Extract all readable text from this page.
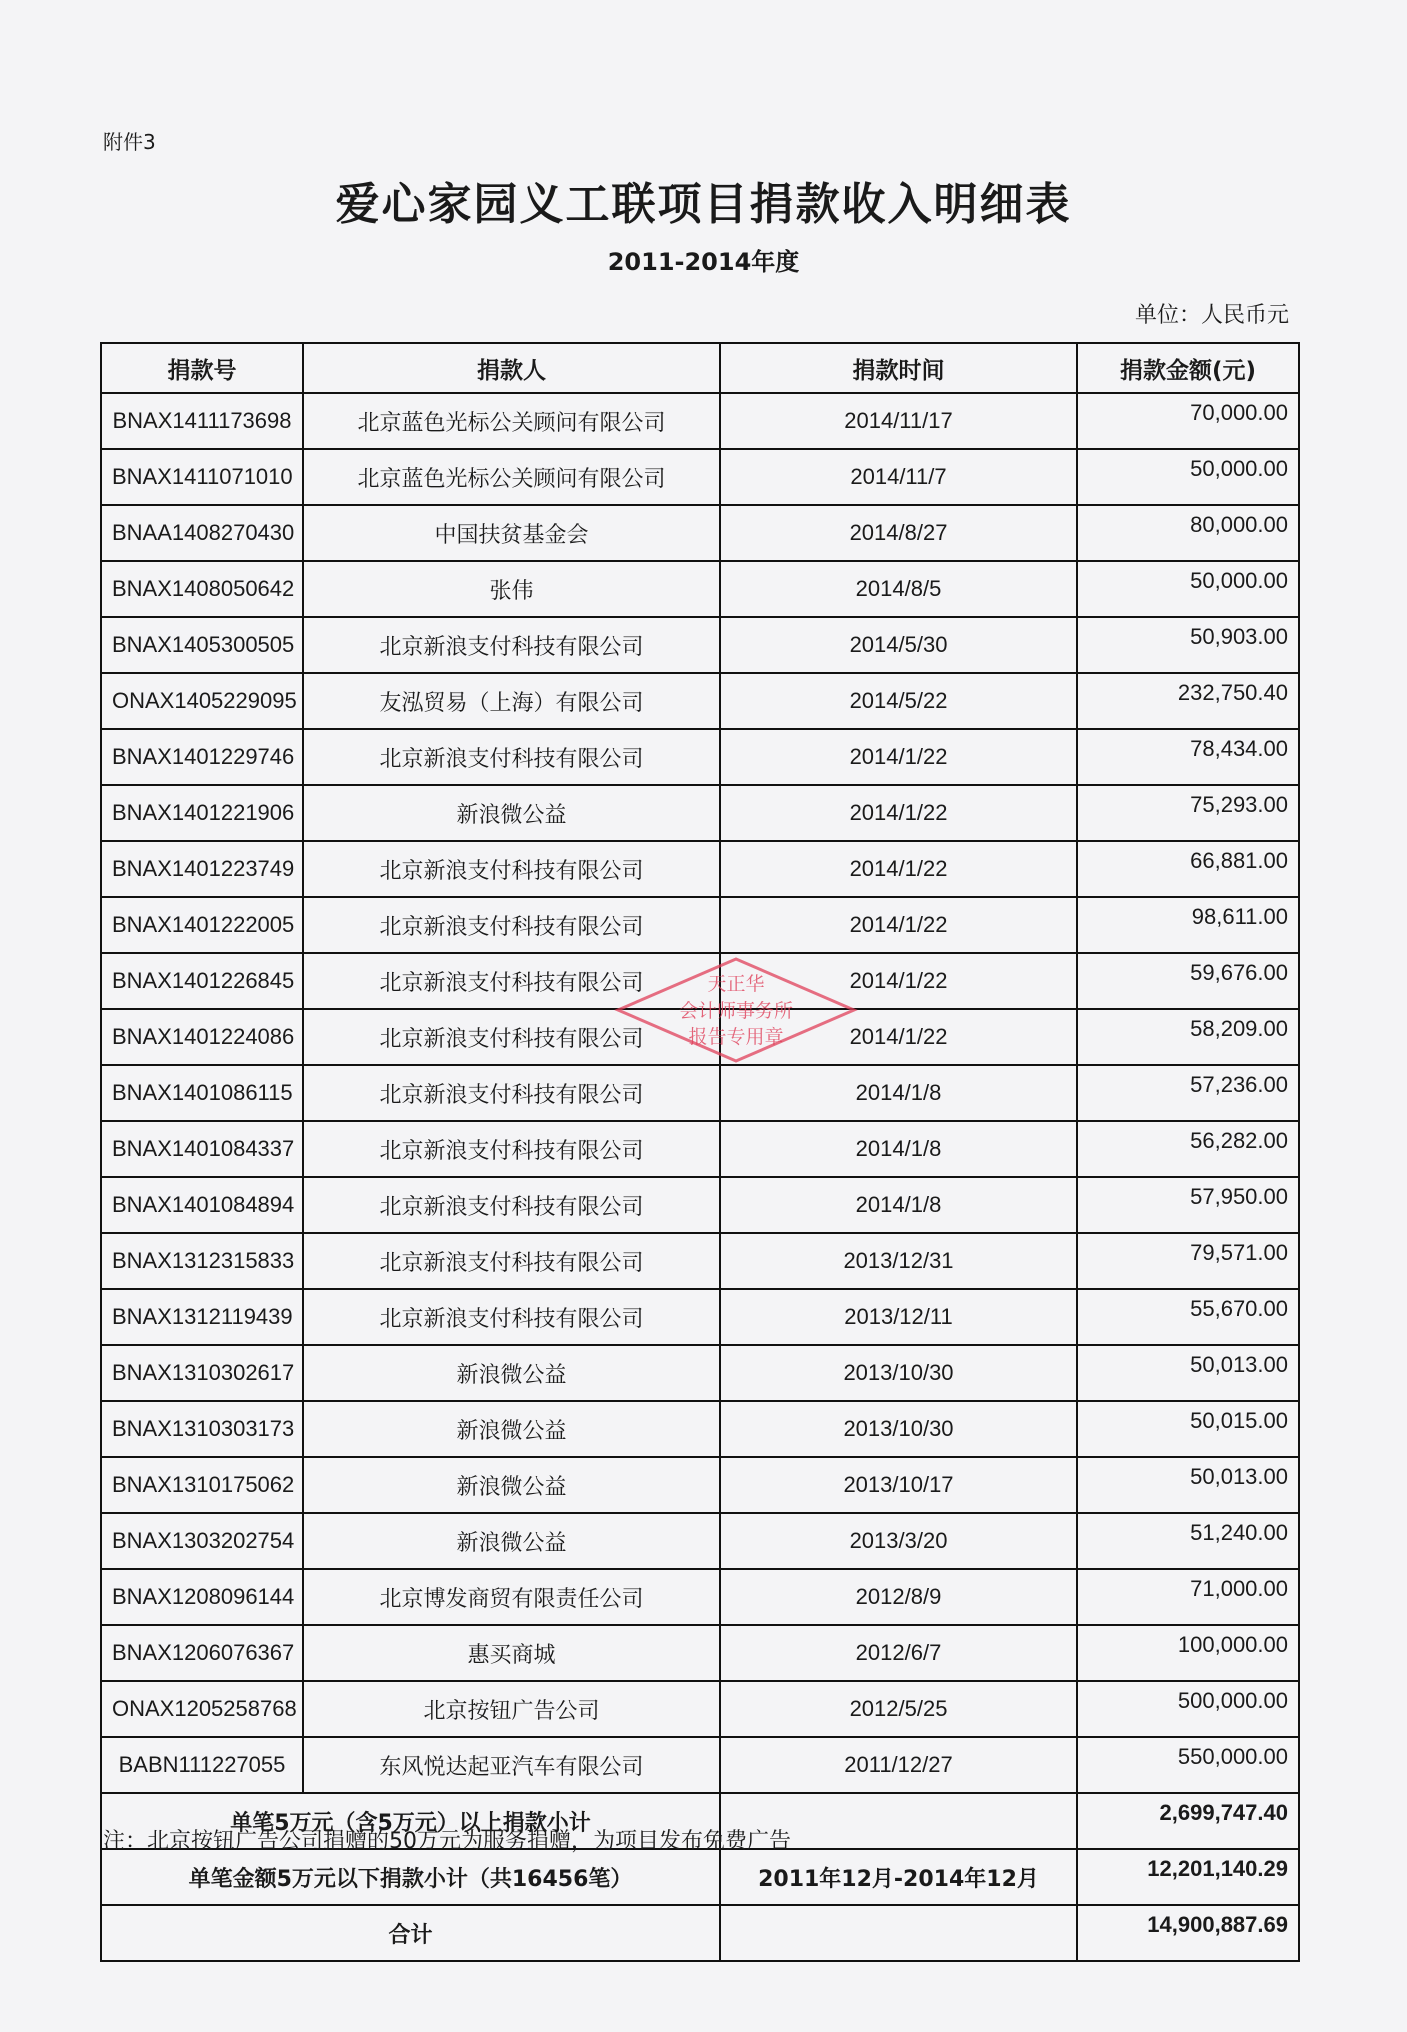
附件3
爱心家园义工联项目捐款收入明细表
2011-2014年度
单位：人民币元
捐款号	捐款人	捐款时间	捐款金额(元)
BNAX1411173698	北京蓝色光标公关顾问有限公司	2014/11/17	70,000.00
BNAX1411071010	北京蓝色光标公关顾问有限公司	2014/11/7	50,000.00
BNAA1408270430	中国扶贫基金会	2014/8/27	80,000.00
BNAX1408050642	张伟	2014/8/5	50,000.00
BNAX1405300505	北京新浪支付科技有限公司	2014/5/30	50,903.00
ONAX1405229095	友泓贸易（上海）有限公司	2014/5/22	232,750.40
BNAX1401229746	北京新浪支付科技有限公司	2014/1/22	78,434.00
BNAX1401221906	新浪微公益	2014/1/22	75,293.00
BNAX1401223749	北京新浪支付科技有限公司	2014/1/22	66,881.00
BNAX1401222005	北京新浪支付科技有限公司	2014/1/22	98,611.00
BNAX1401226845	北京新浪支付科技有限公司	2014/1/22	59,676.00
BNAX1401224086	北京新浪支付科技有限公司	2014/1/22	58,209.00
BNAX1401086115	北京新浪支付科技有限公司	2014/1/8	57,236.00
BNAX1401084337	北京新浪支付科技有限公司	2014/1/8	56,282.00
BNAX1401084894	北京新浪支付科技有限公司	2014/1/8	57,950.00
BNAX1312315833	北京新浪支付科技有限公司	2013/12/31	79,571.00
BNAX1312119439	北京新浪支付科技有限公司	2013/12/11	55,670.00
BNAX1310302617	新浪微公益	2013/10/30	50,013.00
BNAX1310303173	新浪微公益	2013/10/30	50,015.00
BNAX1310175062	新浪微公益	2013/10/17	50,013.00
BNAX1303202754	新浪微公益	2013/3/20	51,240.00
BNAX1208096144	北京博发商贸有限责任公司	2012/8/9	71,000.00
BNAX1206076367	惠买商城	2012/6/7	100,000.00
ONAX1205258768	北京按钮广告公司	2012/5/25	500,000.00
BABN111227055	东风悦达起亚汽车有限公司	2011/12/27	550,000.00
单笔5万元（含5万元）以上捐款小计			2,699,747.40
单笔金额5万元以下捐款小计（共16456笔）		2011年12月-2014年12月	12,201,140.29
合计			14,900,887.69
天正华
会计师事务所
报告专用章
注：北京按钮广告公司捐赠的50万元为服务捐赠，为项目发布免费广告
